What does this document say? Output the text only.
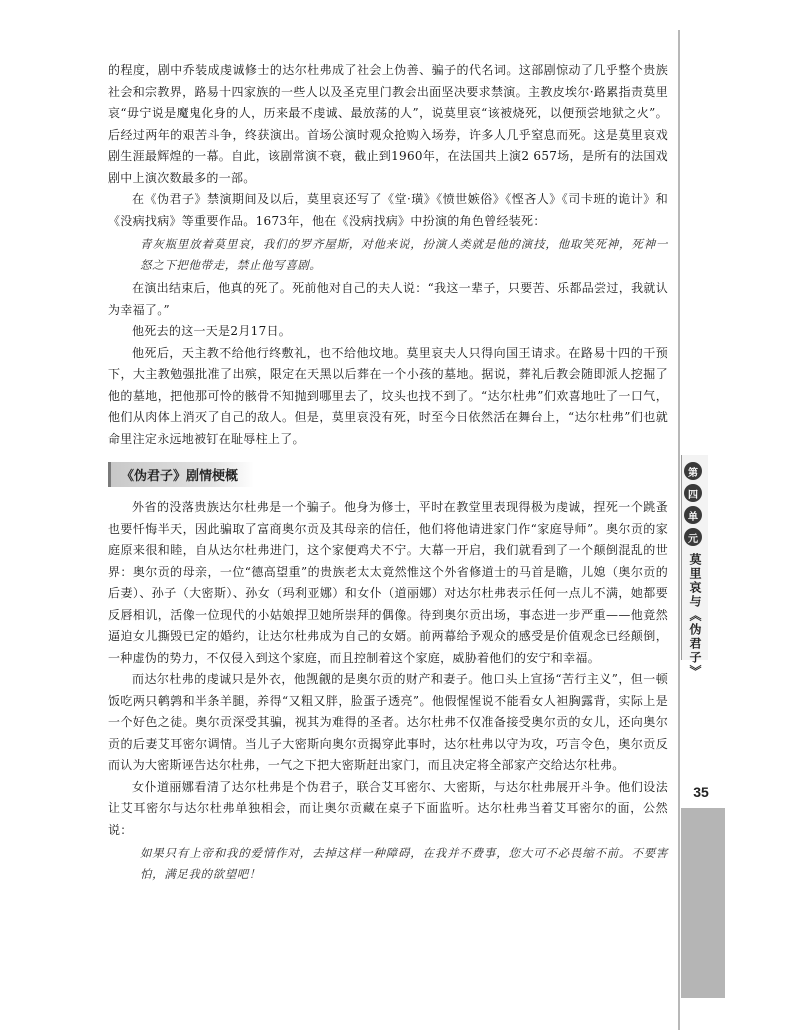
的程度，剧中乔装成虔诚修士的达尔杜弗成了社会上伪善、骗子的代名词。这部剧惊动了几乎整个贵族社会和宗教界，路易十四家族的一些人以及圣克里门教会出面坚决要求禁演。主教皮埃尔·路累指责莫里哀“毋宁说是魔鬼化身的人，历来最不虔诚、最放荡的人”，说莫里哀“该被烧死，以便预尝地狱之火”。后经过两年的艰苦斗争，终获演出。首场公演时观众抢购入场券，许多人几乎窒息而死。这是莫里哀戏剧生涯最辉煌的一幕。自此，该剧常演不衰，截止到1960年，在法国共上演2 657场，是所有的法国戏剧中上演次数最多的一部。

在《伪君子》禁演期间及以后，莫里哀还写了《堂·璜》《愤世嫉俗》《悭吝人》《司卡班的诡计》和《没病找病》等重要作品。1673年，他在《没病找病》中扮演的角色曾经装死：

青灰瓶里放着莫里哀，我们的罗齐屋斯，对他来说，扮演人类就是他的演技，他取笑死神，死神一怒之下把他带走，禁止他写喜剧。

在演出结束后，他真的死了。死前他对自己的夫人说：“我这一辈子，只要苦、乐都品尝过，我就认为幸福了。”

他死去的这一天是2月17日。

他死后，天主教不给他行终敷礼，也不给他坟地。莫里哀夫人只得向国王请求。在路易十四的干预下，大主教勉强批准了出殡，限定在天黑以后葬在一个小孩的墓地。据说，葬礼后教会随即派人挖掘了他的墓地，把他那可怜的骸骨不知抛到哪里去了，坟头也找不到了。“达尔杜弗”们欢喜地吐了一口气，他们从肉体上消灭了自己的敌人。但是，莫里哀没有死，时至今日依然活在舞台上，“达尔杜弗”们也就命里注定永远地被钉在耻辱柱上了。

《伪君子》剧情梗概

外省的没落贵族达尔杜弗是一个骗子。他身为修士，平时在教堂里表现得极为虔诚，捏死一个跳蚤也要忏悔半天，因此骗取了富商奥尔贡及其母亲的信任，他们将他请进家门作“家庭导师”。奥尔贡的家庭原来很和睦，自从达尔杜弗进门，这个家便鸡犬不宁。大幕一开启，我们就看到了一个颠倒混乱的世界：奥尔贡的母亲，一位“德高望重”的贵族老太太竟然惟这个外省修道士的马首是瞻，儿媳（奥尔贡的后妻）、孙子（大密斯）、孙女（玛利亚娜）和女仆（道丽娜）对达尔杜弗表示任何一点儿不满，她都要反唇相讥，活像一位现代的小姑娘捍卫她所崇拜的偶像。待到奥尔贡出场，事态进一步严重——他竟然逼迫女儿撕毁已定的婚约，让达尔杜弗成为自己的女婿。前两幕给予观众的感受是价值观念已经颠倒，一种虚伪的势力，不仅侵入到这个家庭，而且控制着这个家庭，威胁着他们的安宁和幸福。

而达尔杜弗的虔诚只是外衣，他觊觎的是奥尔贡的财产和妻子。他口头上宣扬“苦行主义”，但一顿饭吃两只鹌鹑和半条羊腿，养得“又粗又胖，脸蛋子透亮”。他假惺惺说不能看女人袒胸露背，实际上是一个好色之徒。奥尔贡深受其骗，视其为难得的圣者。达尔杜弗不仅准备接受奥尔贡的女儿，还向奥尔贡的后妻艾耳密尔调情。当儿子大密斯向奥尔贡揭穿此事时，达尔杜弗以守为攻，巧言令色，奥尔贡反而认为大密斯诬告达尔杜弗，一气之下把大密斯赶出家门，而且决定将全部家产交给达尔杜弗。

女仆道丽娜看清了达尔杜弗是个伪君子，联合艾耳密尔、大密斯，与达尔杜弗展开斗争。他们设法让艾耳密尔与达尔杜弗单独相会，而让奥尔贡藏在桌子下面监听。达尔杜弗当着艾耳密尔的面，公然说：

如果只有上帝和我的爱情作对，去掉这样一种障碍，在我并不费事，您大可不必畏缩不前。不要害怕，满足我的欲望吧！

第
四
单
元
莫里哀与《伪君子》
35
